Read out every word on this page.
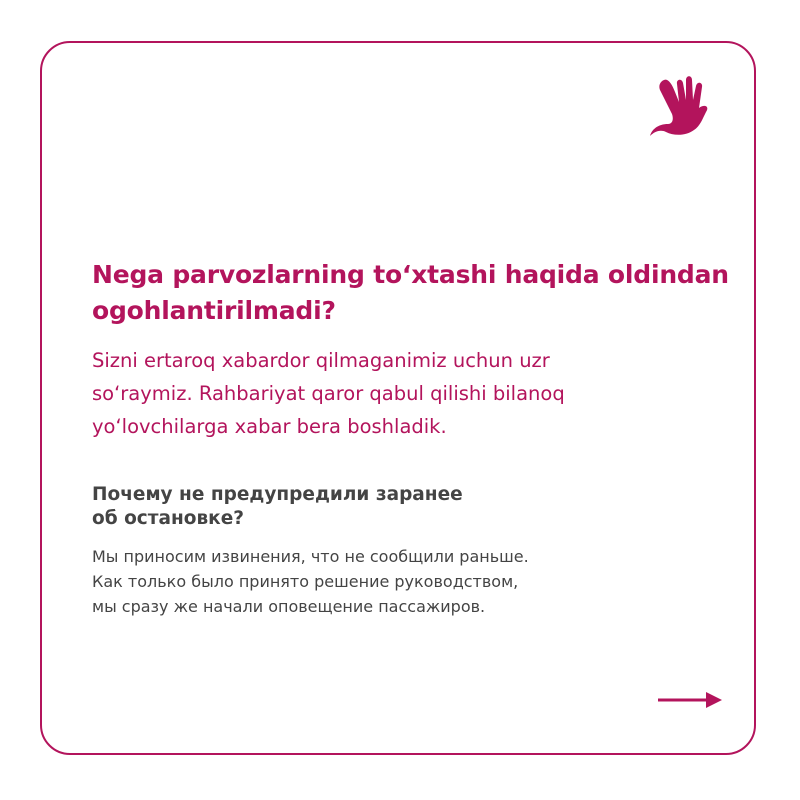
Nega parvozlarning to‘xtashi haqida oldindan ogohlantirilmadi?

Sizni ertaroq xabardor qilmaganimiz uchun uzr
so‘raymiz. Rahbariyat qaror qabul qilishi bilanoq
yo‘lovchilarga xabar bera boshladik.

Почему не предупредили заранее
об остановке?

Мы приносим извинения, что не сообщили раньше.
Как только было принято решение руководством,
мы сразу же начали оповещение пассажиров.
